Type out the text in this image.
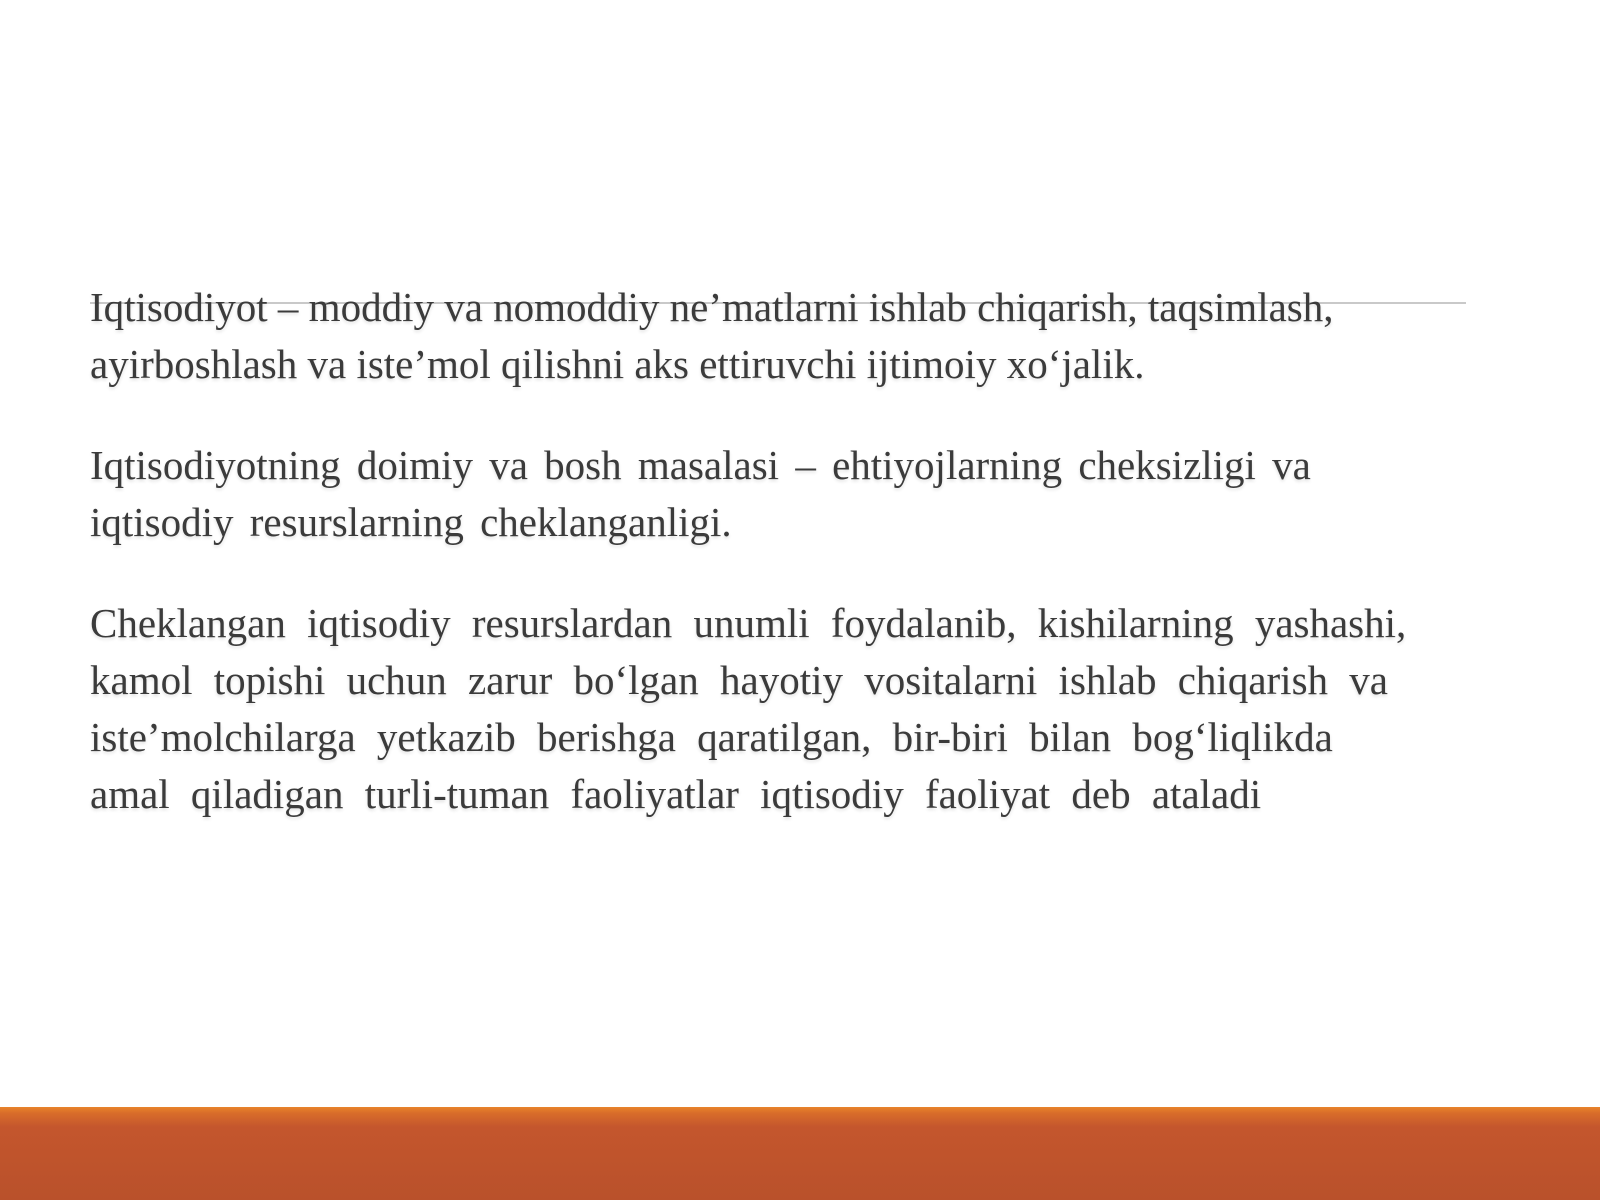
Iqtisodiyot – moddiy va nomoddiy ne’matlarni ishlab chiqarish, taqsimlash,
ayirboshlash va iste’mol qilishni aks ettiruvchi ijtimoiy xo‘jalik.

Iqtisodiyotning doimiy va bosh masalasi – ehtiyojlarning cheksizligi va
iqtisodiy resurslarning cheklanganligi.

Cheklangan iqtisodiy resurslardan unumli foydalanib, kishilarning yashashi,
kamol topishi uchun zarur bo‘lgan hayotiy vositalarni ishlab chiqarish va
iste’molchilarga yetkazib berishga qaratilgan, bir-biri bilan bog‘liqlikda
amal qiladigan turli-tuman faoliyatlar iqtisodiy faoliyat deb ataladi
